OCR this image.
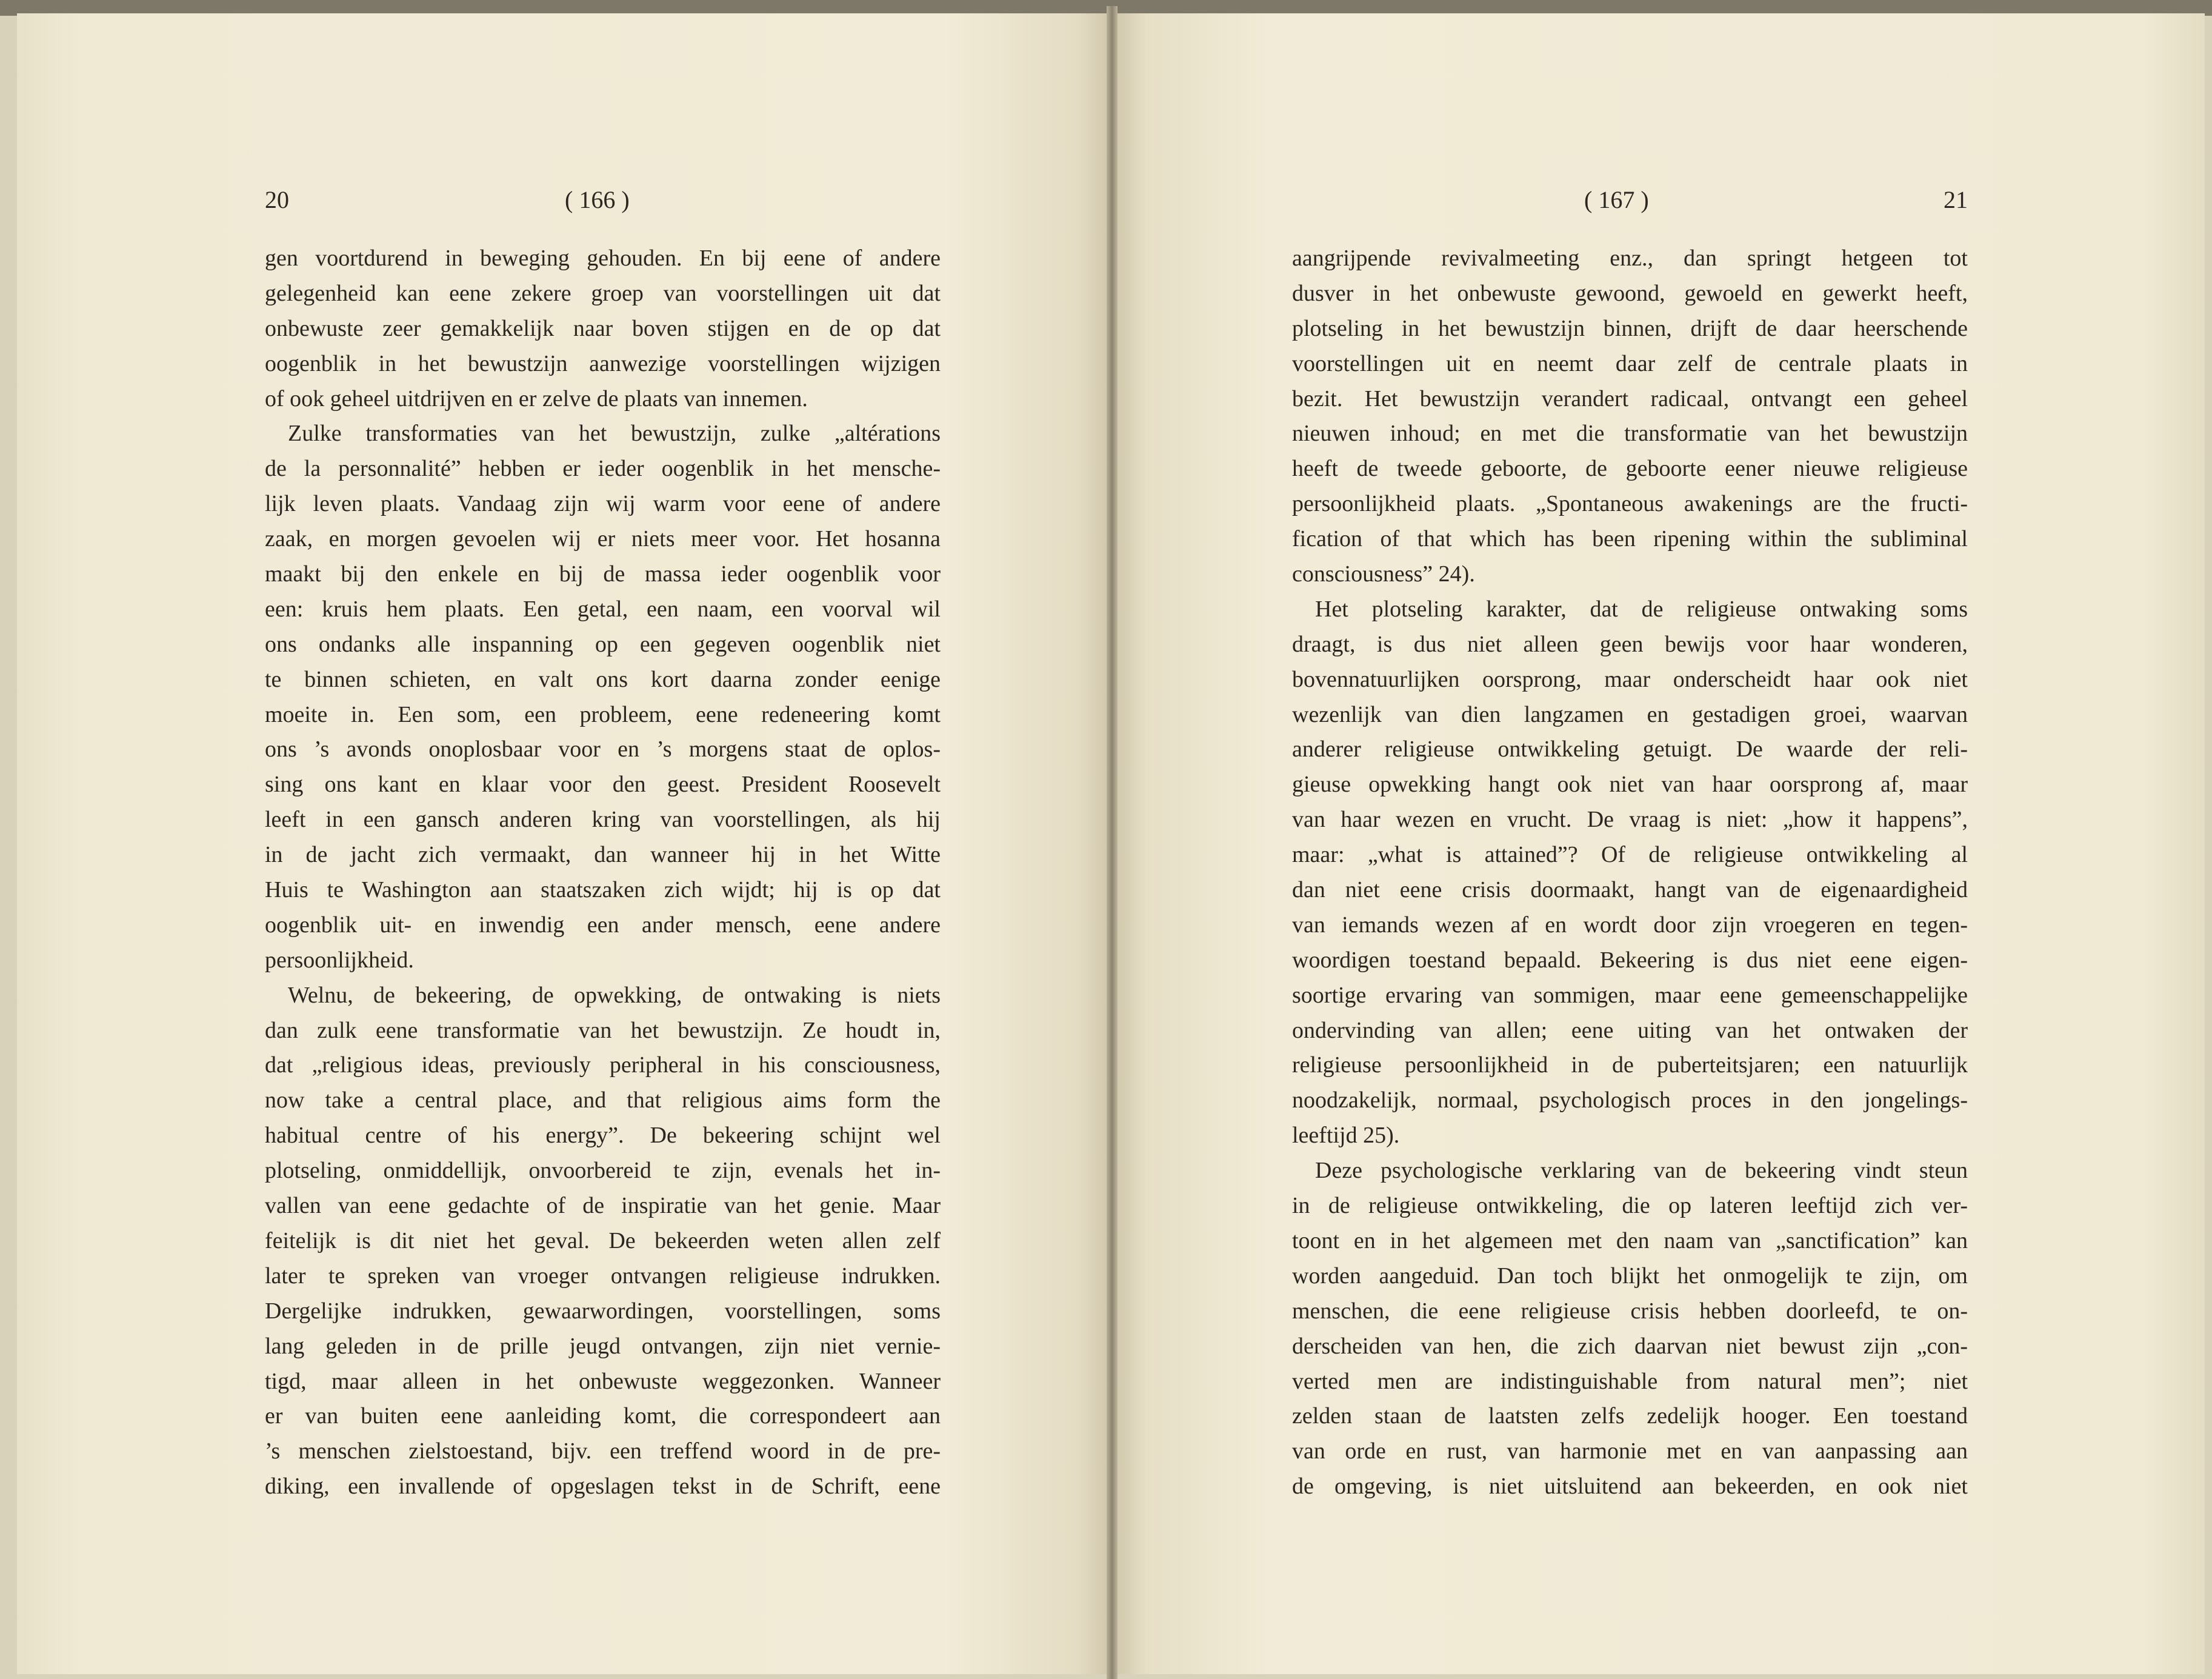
20	( 166 )	( 167 )	21
gen voortdurend in beweging gehouden. En bij eene of andere
gelegenheid kan eene zekere groep van voorstellingen uit dat
onbewuste zeer gemakkelijk naar boven stijgen en de op dat
oogenblik in het bewustzijn aanwezige voorstellingen wijzigen
of ook geheel uitdrijven en er zelve de plaats van innemen.
Zulke transformaties van het bewustzijn, zulke „altérations
de la personnalité” hebben er ieder oogenblik in het mensche-
lijk leven plaats. Vandaag zijn wij warm voor eene of andere
zaak, en morgen gevoelen wij er niets meer voor. Het hosanna
maakt bij den enkele en bij de massa ieder oogenblik voor
een: kruis hem plaats. Een getal, een naam, een voorval wil
ons ondanks alle inspanning op een gegeven oogenblik niet
te binnen schieten, en valt ons kort daarna zonder eenige
moeite in. Een som, een probleem, eene redeneering komt
ons ’s avonds onoplosbaar voor en ’s morgens staat de oplos-
sing ons kant en klaar voor den geest. President Roosevelt
leeft in een gansch anderen kring van voorstellingen, als hij
in de jacht zich vermaakt, dan wanneer hij in het Witte
Huis te Washington aan staatszaken zich wijdt; hij is op dat
oogenblik uit- en inwendig een ander mensch, eene andere
persoonlijkheid.
Welnu, de bekeering, de opwekking, de ontwaking is niets
dan zulk eene transformatie van het bewustzijn. Ze houdt in,
dat „religious ideas, previously peripheral in his consciousness,
now take a central place, and that religious aims form the
habitual centre of his energy”. De bekeering schijnt wel
plotseling, onmiddellijk, onvoorbereid te zijn, evenals het in-
vallen van eene gedachte of de inspiratie van het genie. Maar
feitelijk is dit niet het geval. De bekeerden weten allen zelf
later te spreken van vroeger ontvangen religieuse indrukken.
Dergelijke indrukken, gewaarwordingen, voorstellingen, soms
lang geleden in de prille jeugd ontvangen, zijn niet vernie-
tigd, maar alleen in het onbewuste weggezonken. Wanneer
er van buiten eene aanleiding komt, die correspondeert aan
’s menschen zielstoestand, bijv. een treffend woord in de pre-
diking, een invallende of opgeslagen tekst in de Schrift, eene
aangrijpende revivalmeeting enz., dan springt hetgeen tot
dusver in het onbewuste gewoond, gewoeld en gewerkt heeft,
plotseling in het bewustzijn binnen, drijft de daar heerschende
voorstellingen uit en neemt daar zelf de centrale plaats in
bezit. Het bewustzijn verandert radicaal, ontvangt een geheel
nieuwen inhoud; en met die transformatie van het bewustzijn
heeft de tweede geboorte, de geboorte eener nieuwe religieuse
persoonlijkheid plaats. „Spontaneous awakenings are the fructi-
fication of that which has been ripening within the subliminal
consciousness” 24).
Het plotseling karakter, dat de religieuse ontwaking soms
draagt, is dus niet alleen geen bewijs voor haar wonderen,
bovennatuurlijken oorsprong, maar onderscheidt haar ook niet
wezenlijk van dien langzamen en gestadigen groei, waarvan
anderer religieuse ontwikkeling getuigt. De waarde der reli-
gieuse opwekking hangt ook niet van haar oorsprong af, maar
van haar wezen en vrucht. De vraag is niet: „how it happens”,
maar: „what is attained”? Of de religieuse ontwikkeling al
dan niet eene crisis doormaakt, hangt van de eigenaardigheid
van iemands wezen af en wordt door zijn vroegeren en tegen-
woordigen toestand bepaald. Bekeering is dus niet eene eigen-
soortige ervaring van sommigen, maar eene gemeenschappelijke
ondervinding van allen; eene uiting van het ontwaken der
religieuse persoonlijkheid in de puberteitsjaren; een natuurlijk
noodzakelijk, normaal, psychologisch proces in den jongelings-
leeftijd 25).
Deze psychologische verklaring van de bekeering vindt steun
in de religieuse ontwikkeling, die op lateren leeftijd zich ver-
toont en in het algemeen met den naam van „sanctification” kan
worden aangeduid. Dan toch blijkt het onmogelijk te zijn, om
menschen, die eene religieuse crisis hebben doorleefd, te on-
derscheiden van hen, die zich daarvan niet bewust zijn „con-
verted men are indistinguishable from natural men”; niet
zelden staan de laatsten zelfs zedelijk hooger. Een toestand
van orde en rust, van harmonie met en van aanpassing aan
de omgeving, is niet uitsluitend aan bekeerden, en ook niet
